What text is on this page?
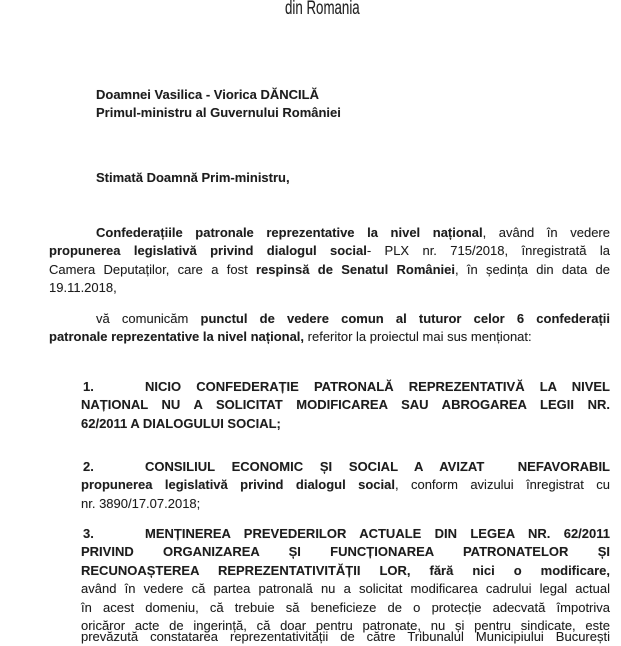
din Romania
Doamnei Vasilica - Viorica DĂNCILĂ
Primul-ministru al Guvernului României
Stimată Doamnă Prim-ministru,
Confederațiile patronale reprezentative la nivel național, având în vedere
propunerea legislativă privind dialogul social- PLX nr. 715/2018, înregistrată la
Camera Deputaților, care a fost respinsă de Senatul României, în ședința din data de
19.11.2018,
vă comunicăm punctul de vedere comun al tuturor celor 6 confederații
patronale reprezentative la nivel național, referitor la proiectul mai sus menționat:
1.	NICIO CONFEDERAȚIE PATRONALĂ REPREZENTATIVĂ LA NIVEL
NAȚIONAL NU A SOLICITAT MODIFICAREA SAU ABROGAREA LEGII NR.
62/2011 A DIALOGULUI SOCIAL;
2.	CONSILIUL ECONOMIC ȘI SOCIAL A AVIZAT  NEFAVORABIL
propunerea legislativă privind dialogul social, conform avizului înregistrat cu
nr. 3890/17.07.2018;
3.	MENȚINEREA PREVEDERILOR ACTUALE DIN LEGEA NR. 62/2011
PRIVIND ORGANIZAREA ȘI FUNCȚIONAREA PATRONATELOR ȘI
RECUNOAȘTEREA REPREZENTATIVITĂȚII LOR, fără nici o modificare,
având în vedere că partea patronală nu a solicitat modificarea cadrului legal actual
în acest domeniu, că trebuie să beneficieze de o protecție adecvată împotriva
oricăror acte de ingerință, că doar pentru patronate, nu și pentru sindicate, este
prevăzută constatarea reprezentativității de către Tribunalul Municipiului București
